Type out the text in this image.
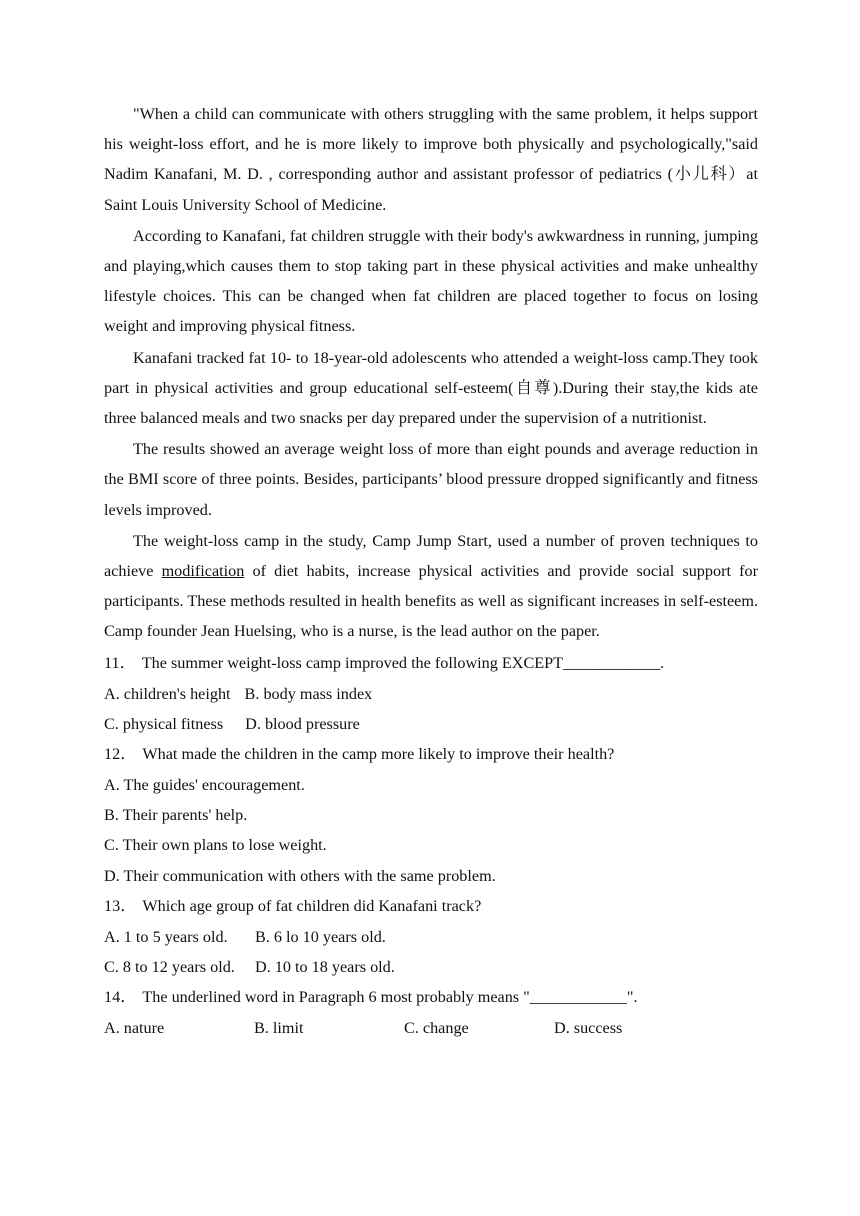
"When a child can communicate with others struggling with the same problem, it helps support his weight-loss effort, and he is more likely to improve both physically and psychologically,"said Nadim Kanafani, M. D. , corresponding author and assistant professor of pediatrics (小儿科）at Saint Louis University School of Medicine.

According to Kanafani, fat children struggle with their body's awkwardness in running, jumping and playing,which causes them to stop taking part in these physical activities and make unhealthy lifestyle choices. This can be changed when fat children are placed together to focus on losing weight and improving physical fitness.

Kanafani tracked fat 10- to 18-year-old adolescents who attended a weight-loss camp.They took part in physical activities and group educational self-esteem(自尊).During their stay,the kids ate three balanced meals and two snacks per day prepared under the supervision of a nutritionist.

The results showed an average weight loss of more than eight pounds and average reduction in the BMI score of three points. Besides, participants’ blood pressure dropped significantly and fitness levels improved.

The weight-loss camp in the study, Camp Jump Start, used a number of proven techniques to achieve modification of diet habits, increase physical activities and provide social support for participants. These methods resulted in health benefits as well as significant increases in self-esteem. Camp founder Jean Huelsing, who is a nurse, is the lead author on the paper.

11． The summer weight-loss camp improved the following EXCEPT____________.

A. children's height B. body mass index

C. physical fitness D. blood pressure

12． What made the children in the camp more likely to improve their health?

A. The guides' encouragement.

B. Their parents' help.

C. Their own plans to lose weight.

D. Their communication with others with the same problem.

13． Which age group of fat children did Kanafani track?

A. 1 to 5 years old. B. 6 lo 10 years old.

C. 8 to 12 years old. D. 10 to 18 years old.

14． The underlined word in Paragraph 6 most probably means "____________".

A. nature	B. limit	C. change	D. success
